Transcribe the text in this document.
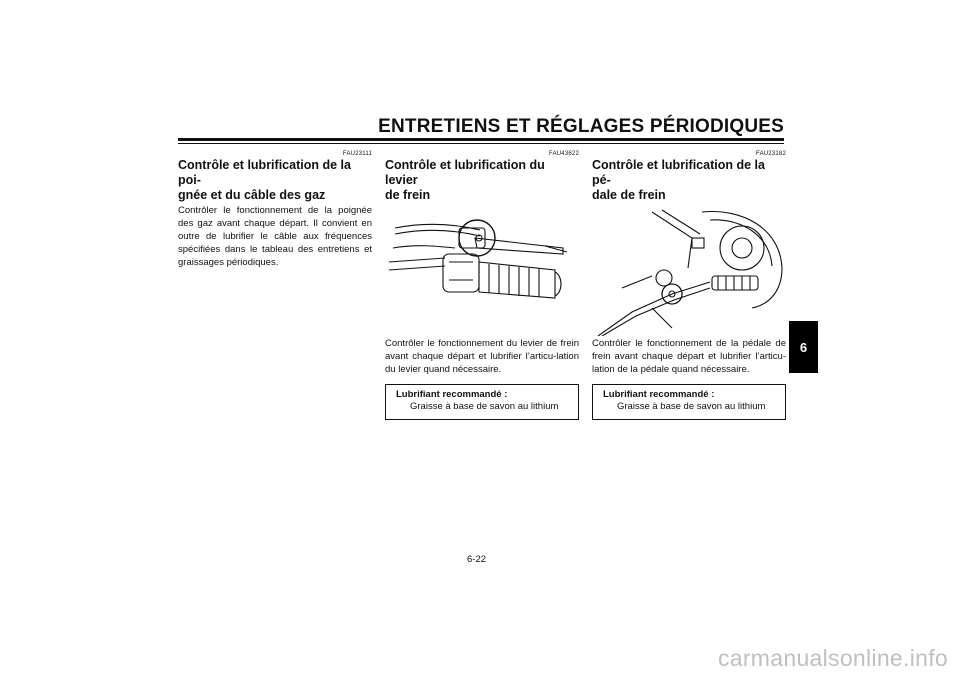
ENTRETIENS ET RÉGLAGES PÉRIODIQUES
FAU23111
Contrôle et lubrification de la poi-
gnée et du câble des gaz

Contrôler le fonctionnement de la poignée des gaz avant chaque départ. Il convient en outre de lubrifier le câble aux fréquences spécifiées dans le tableau des entretiens et graissages périodiques.

FAU43622
Contrôle et lubrification du levier
de frein

Contrôler le fonctionnement du levier de frein avant chaque départ et lubrifier l’articu-lation du levier quand nécessaire.

Lubrifiant recommandé :
Graisse à base de savon au lithium
FAU23182
Contrôle et lubrification de la pé-
dale de frein

Contrôler le fonctionnement de la pédale de frein avant chaque départ et lubrifier l’articu-lation de la pédale quand nécessaire.

Lubrifiant recommandé :
Graisse à base de savon au lithium
6
6-22
carmanualsonline.info
